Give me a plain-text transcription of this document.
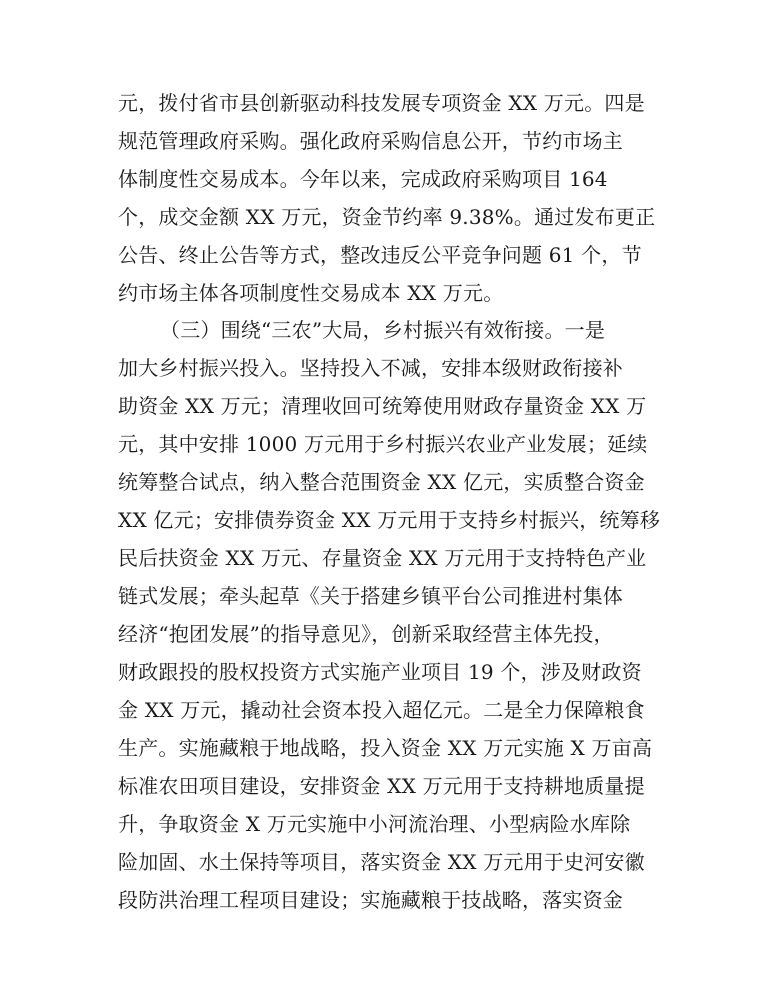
元，拨付省市县创新驱动科技发展专项资金 XX 万元。四是
规范管理政府采购。强化政府采购信息公开，节约市场主
体制度性交易成本。今年以来，完成政府采购项目 164
个，成交金额 XX 万元，资金节约率 9.38%。通过发布更正
公告、终止公告等方式，整改违反公平竞争问题 61 个，节
约市场主体各项制度性交易成本 XX 万元。
（三）围绕“三农”大局，乡村振兴有效衔接。一是
加大乡村振兴投入。坚持投入不减，安排本级财政衔接补
助资金 XX 万元；清理收回可统筹使用财政存量资金 XX 万
元，其中安排 1000 万元用于乡村振兴农业产业发展；延续
统筹整合试点，纳入整合范围资金 XX 亿元，实质整合资金
XX 亿元；安排债券资金 XX 万元用于支持乡村振兴，统筹移
民后扶资金 XX 万元、存量资金 XX 万元用于支持特色产业
链式发展；牵头起草《关于搭建乡镇平台公司推进村集体
经济“抱团发展”的指导意见》，创新采取经营主体先投，
财政跟投的股权投资方式实施产业项目 19 个，涉及财政资
金 XX 万元，撬动社会资本投入超亿元。二是全力保障粮食
生产。实施藏粮于地战略，投入资金 XX 万元实施 X 万亩高
标准农田项目建设，安排资金 XX 万元用于支持耕地质量提
升，争取资金 X 万元实施中小河流治理、小型病险水库除
险加固、水土保持等项目，落实资金 XX 万元用于史河安徽
段防洪治理工程项目建设；实施藏粮于技战略，落实资金
